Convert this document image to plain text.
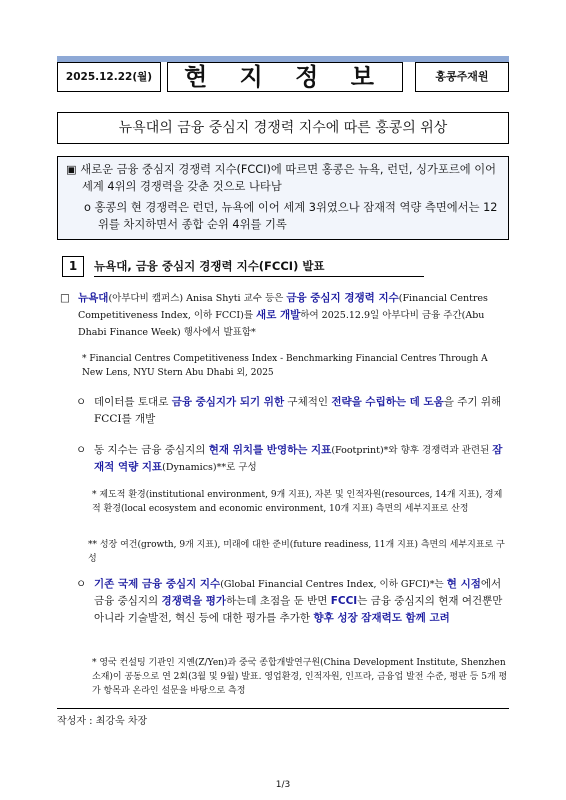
2025.12.22(월)	현 지 정 보	홍콩주재원
뉴욕대의 금융 중심지 경쟁력 지수에 따른 홍콩의 위상
▣ 새로운 금융 중심지 경쟁력 지수(FCCI)에 따르면 홍콩은 뉴욕, 런던, 싱가포르에 이어 세계 4위의 경쟁력을 갖춘 것으로 나타남
o 홍콩의 현 경쟁력은 런던, 뉴욕에 이어 세계 3위였으나 잠재적 역량 측면에서는 12위를 차지하면서 종합 순위 4위를 기록
1	뉴욕대, 금융 중심지 경쟁력 지수(FCCI) 발표
□ 뉴욕대(아부다비 캠퍼스) Anisa Shyti 교수 등은 금융 중심지 경쟁력 지수(Financial Centres Competitiveness Index, 이하 FCCI)를 새로 개발하여 2025.12.9일 아부다비 금융 주간(Abu Dhabi Finance Week) 행사에서 발표함*
* Financial Centres Competitiveness Index - Benchmarking Financial Centres Through A New Lens, NYU Stern Abu Dhabi 외, 2025
ㅇ 데이터를 토대로 금융 중심지가 되기 위한 구체적인 전략을 수립하는 데 도움을 주기 위해 FCCI를 개발
ㅇ 동 지수는 금융 중심지의 현재 위치를 반영하는 지표(Footprint)*와 향후 경쟁력과 관련된 잠재적 역량 지표(Dynamics)**로 구성
* 제도적 환경(institutional environment, 9개 지표), 자본 및 인적자원(resources, 14개 지표), 경제적 환경(local ecosystem and economic environment, 10개 지표) 측면의 세부지표로 산정
** 성장 여건(growth, 9개 지표), 미래에 대한 준비(future readiness, 11개 지표) 측면의 세부지표로 구성
ㅇ 기존 국제 금융 중심지 지수(Global Financial Centres Index, 이하 GFCI)*는 현 시점에서 금융 중심지의 경쟁력을 평가하는데 초점을 둔 반면 FCCI는 금융 중심지의 현재 여건뿐만 아니라 기술발전, 혁신 등에 대한 평가를 추가한 향후 성장 잠재력도 함께 고려
* 영국 컨설팅 기관인 지옌(Z/Yen)과 중국 종합개발연구원(China Development Institute, Shenzhen 소재)이 공동으로 연 2회(3월 및 9월) 발표. 영업환경, 인적자원, 인프라, 금융업 발전 수준, 평판 등 5개 평가 항목과 온라인 설문을 바탕으로 측정
작성자 : 최강욱 차장
1/3
